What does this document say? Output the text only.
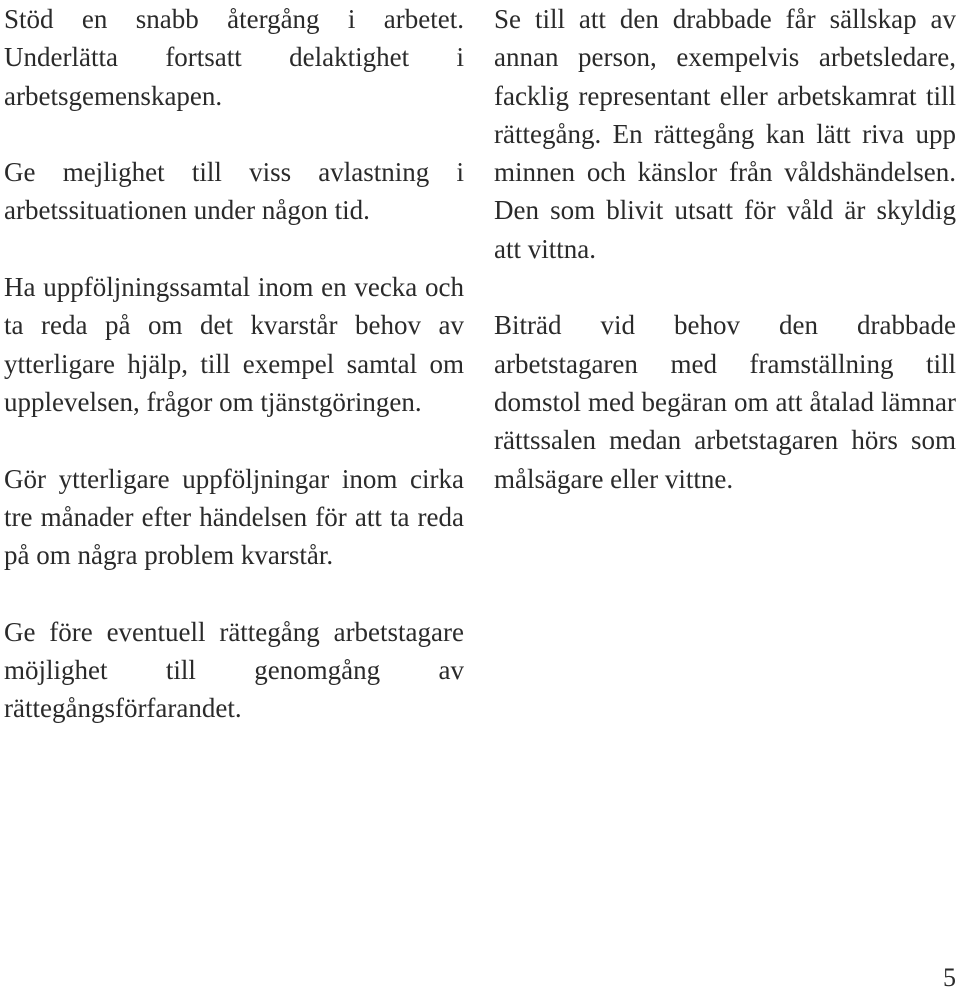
Stöd en snabb återgång i arbetet. Underlätta fortsatt delaktighet i arbetsgemenskapen.

Ge mejlighet till viss avlastning i arbetssituationen under någon tid.

Ha uppföljningssamtal inom en vecka och ta reda på om det kvarstår behov av ytterligare hjälp, till exempel samtal om upplevelsen, frågor om tjänstgöringen.

Gör ytterligare uppföljningar inom cirka tre månader efter händelsen för att ta reda på om några problem kvarstår.

Ge före eventuell rättegång arbetstagare möjlighet till genomgång av rättegångsförfarandet.

Se till att den drabbade får sällskap av annan person, exempelvis arbetsledare, facklig representant eller arbetskamrat till rättegång. En rättegång kan lätt riva upp minnen och känslor från våldshändelsen. Den som blivit utsatt för våld är skyldig att vittna.

Biträd vid behov den drabbade arbetstagaren med framställning till domstol med begäran om att åtalad lämnar rättssalen medan arbetstagaren hörs som målsägare eller vittne.

5
